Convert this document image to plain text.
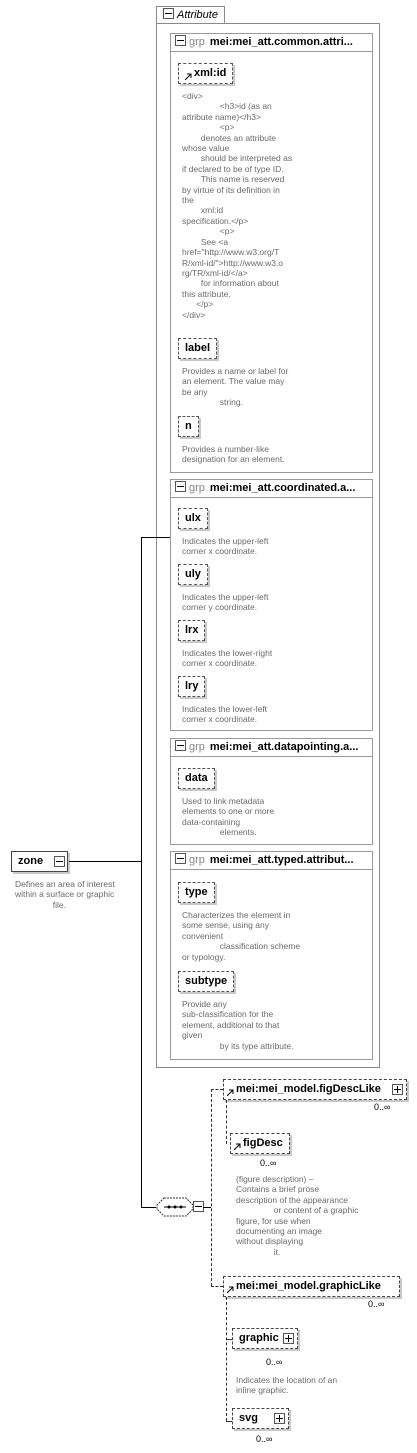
Attribute
grp mei:mei_att.common.attri...
xml:id
<div>
<h3>id (as an
attribute name)</h3>
<p>
denotes an attribute
whose value
should be interpreted as
if declared to be of type ID.
This name is reserved
by virtue of its definition in
the
xml:id
specification.</p>
<p>
See <a
href="http://www.w3.org/T
R/xml-id/">http://www.w3.o
rg/TR/xml-id/</a>
for information about
this attribute.
</p>
</div>
label
Provides a name or label for
an element. The value may
be any
string.
n
Provides a number-like
designation for an element.
grp mei:mei_att.coordinated.a...
ulx
Indicates the upper-left
corner x coordinate.
uly
Indicates the upper-left
corner y coordinate.
lrx
Indicates the lower-right
corner x coordinate.
lry
Indicates the lower-left
corner x coordinate.
grp mei:mei_att.datapointing.a...
data
Used to link metadata
elements to one or more
data-containing
elements.
grp mei:mei_att.typed.attribut...
type
Characterizes the element in
some sense, using any
convenient
classification scheme
or typology.
subtype
Provide any
sub-classification for the
element, additional to that
given
by its type attribute.
zone
Defines an area of interest
within a surface or graphic
file.
mei:mei_model.figDescLike
0..∞
figDesc
0..∞
(figure description) –
Contains a brief prose
description of the appearance
or content of a graphic
figure, for use when
documenting an image
without displaying
it.
mei:mei_model.graphicLike
0..∞
graphic
0..∞
Indicates the location of an
inline graphic.
svg
0..∞
